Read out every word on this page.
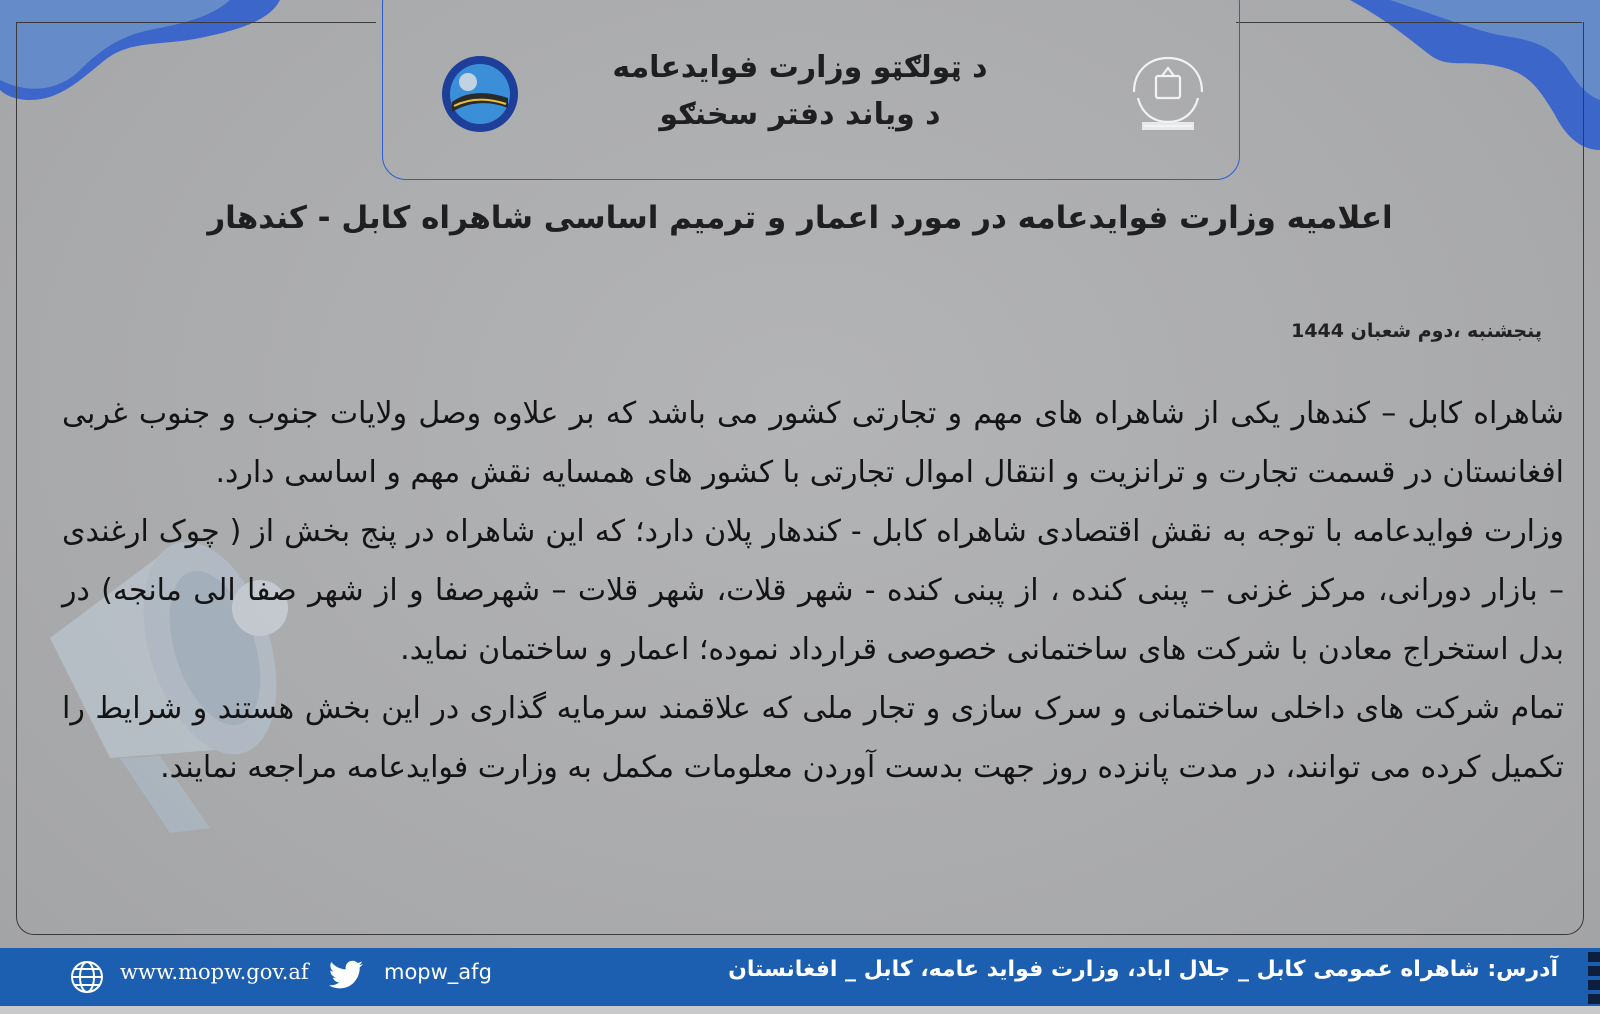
د ټولګټو وزارت فوایدعامه
د ویاند دفتر سخنګو
اعلامیه وزارت فوایدعامه در مورد اعمار و ترمیم اساسی شاهراه کابل - کندهار
پنجشنبه ،دوم شعبان 1444

شاهراه کابل – کندهار یکی از شاهراه های مهم و تجارتی کشور می باشد که بر علاوه وصل ولایات جنوب و جنوب غربی افغانستان در قسمت تجارت و ترانزیت و انتقال اموال تجارتی با کشور های همسایه نقش مهم و اساسی دارد.

وزارت فوایدعامه با توجه به نقش اقتصادی شاهراه کابل - کندهار پلان دارد؛ که این شاهراه در پنج بخش از ( چوک ارغندی – بازار دورانی، مرکز غزنی – پبنی کنده ، از پبنی کنده - شهر قلات، شهر قلات – شهرصفا و از شهر صفا الی مانجه) در بدل استخراج معادن با شرکت های ساختمانی خصوصی قرارداد نموده؛ اعمار و ساختمان نماید.

تمام شرکت های داخلی ساختمانی و سرک سازی و تجار ملی که علاقمند سرمایه گذاری در این بخش هستند و شرایط را تکمیل کرده می توانند، در مدت پانزده روز جهت بدست آوردن معلومات مکمل به وزارت فوایدعامه مراجعه نمایند.

آدرس: شاهراه عمومی کابل _ جلال اباد، وزارت فواید عامه، کابل _ افغانستان
www.mopw.gov.af	mopw_afg
